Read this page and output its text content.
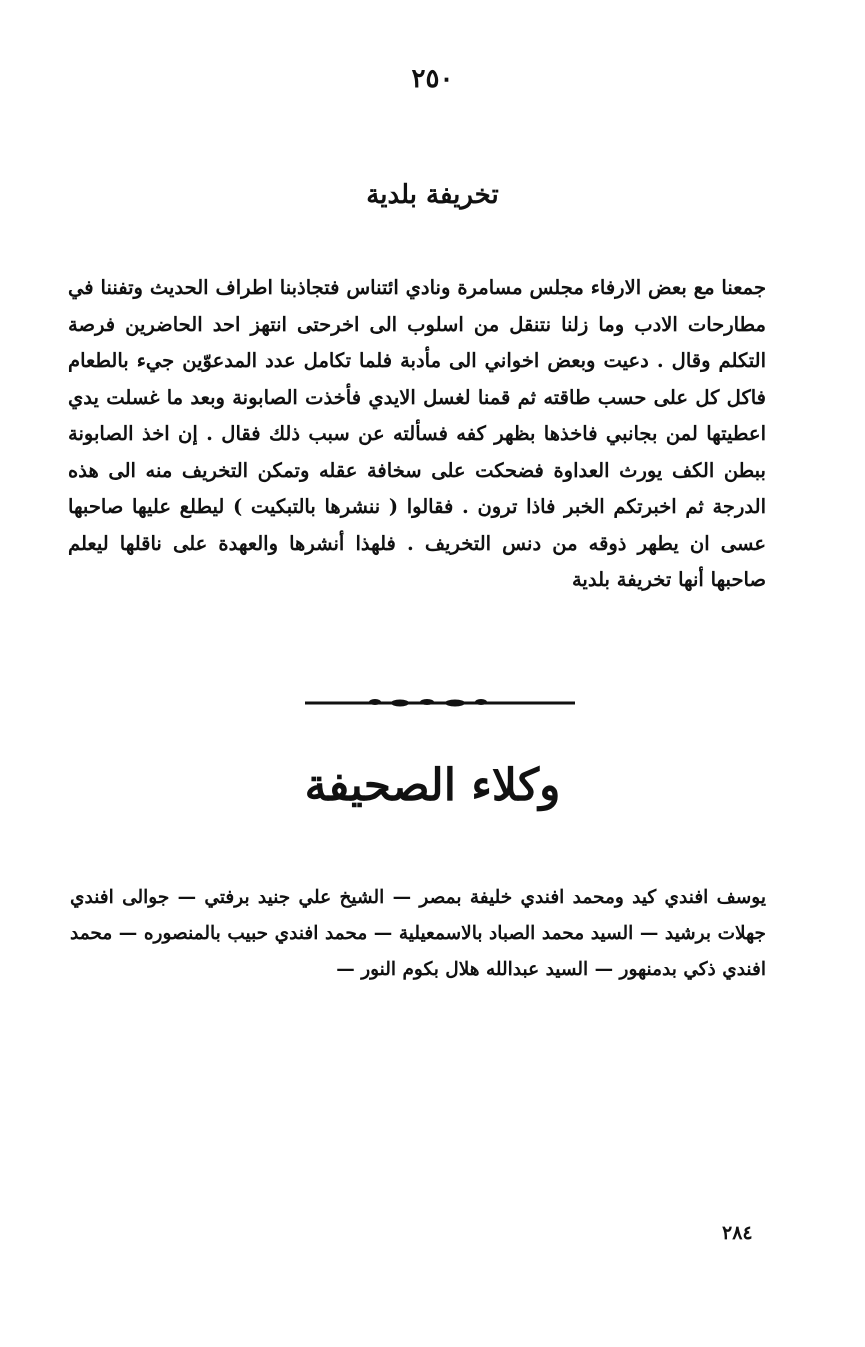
٢٥٠
تخريفة بلدية
جمعنا مع بعض الارفاء مجلس مسامرة ونادي ائتناس فتجاذبنا اطراف الحديث وتفننا في مطارحات الادب وما زلنا نتنقل من اسلوب الى اخرحتى انتهز احد الحاضرين فرصة التكلم وقال . دعيت وبعض اخواني الى مأدبة فلما تكامل عدد المدعوّين جيء بالطعام فاكل كل على حسب طاقته ثم قمنا لغسل الايدي فأخذت الصابونة وبعد ما غسلت يدي اعطيتها لمن بجانبي فاخذها بظهر كفه فسألته عن سبب ذلك فقال . إن اخذ الصابونة ببطن الكف يورث العداوة فضحكت على سخافة عقله وتمكن التخريف منه الى هذه الدرجة ثم اخبرتكم الخبر فاذا ترون . فقالوا ( ننشرها بالتبكيت ) ليطلع عليها صاحبها عسى ان يطهر ذوقه من دنس التخريف . فلهذا أنشرها والعهدة على ناقلها ليعلم صاحبها أنها تخريفة بلدية
وكلاء الصحيفة
يوسف افندي كيد ومحمد افندي خليفة بمصر — الشيخ علي جنيد برفتي — جوالى افندي جهلات برشيد — السيد محمد الصباد بالاسمعيلية — محمد افندي حبيب بالمنصوره — محمد افندي ذكي بدمنهور — السيد عبدالله هلال بكوم النور —
٢٨٤
